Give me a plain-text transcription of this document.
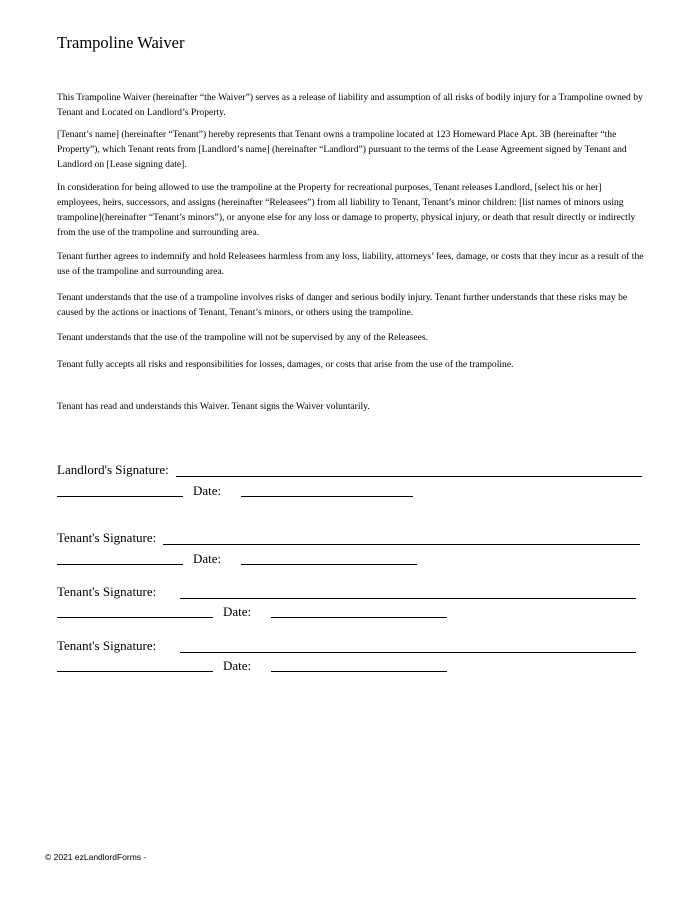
Trampoline Waiver

This Trampoline Waiver (hereinafter “the Waiver”) serves as a release of liability and assumption of all risks of bodily injury for a Trampoline owned by Tenant and Located on Landlord’s Property.

[Tenant’s name] (hereinafter “Tenant”) hereby represents that Tenant owns a trampoline located at 123 Homeward Place Apt. 3B (hereinafter “the Property”), which Tenant rents from [Landlord’s name] (hereinafter “Landlord”) pursuant to the terms of the Lease Agreement signed by Tenant and Landlord on [Lease signing date].

In consideration for being allowed to use the trampoline at the Property for recreational purposes, Tenant releases Landlord, [select his or her] employees, heirs, successors, and assigns (hereinafter “Releasees”) from all liability to Tenant, Tenant’s minor children: [list names of minors using trampoline](hereinafter “Tenant’s minors”), or anyone else for any loss or damage to property, physical injury, or death that result directly or indirectly from the use of the trampoline and surrounding area.

Tenant further agrees to indemnify and hold Releasees harmless from any loss, liability, attorneys’ fees, damage, or costs that they incur as a result of the use of the trampoline and surrounding area.

Tenant understands that the use of a trampoline involves risks of danger and serious bodily injury. Tenant further understands that these risks may be caused by the actions or inactions of Tenant, Tenant’s minors, or others using the trampoline.

Tenant understands that the use of the trampoline will not be supervised by any of the Releasees.

Tenant fully accepts all risks and responsibilities for losses, damages, or costs that arise from the use of the trampoline.

Tenant has read and understands this Waiver. Tenant signs the Waiver voluntarily.

Landlord's Signature:
Date:
Tenant's Signature:
Date:
Tenant's Signature:
Date:
Tenant's Signature:
Date:
© 2021 ezLandlordForms -
